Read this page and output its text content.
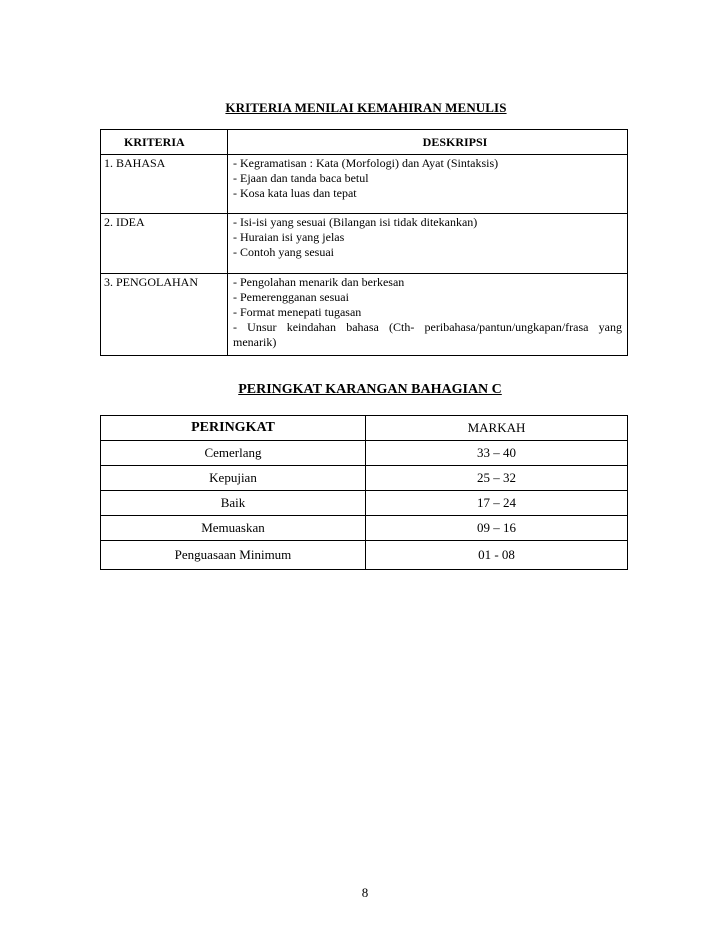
KRITERIA MENILAI KEMAHIRAN MENULIS
KRITERIA	DESKRIPSI
1. BAHASA	- Kegramatisan : Kata (Morfologi) dan Ayat (Sintaksis)
- Ejaan dan tanda baca betul
- Kosa kata luas dan tepat

2. IDEA	- Isi-isi yang sesuai (Bilangan isi tidak ditekankan)
- Huraian isi yang jelas
- Contoh yang sesuai

3. PENGOLAHAN	- Pengolahan menarik dan berkesan
- Pemerengganan sesuai
- Format menepati tugasan
- Unsur keindahan bahasa (Cth- peribahasa/pantun/ungkapan/frasa yang menarik)
PERINGKAT KARANGAN BAHAGIAN C
PERINGKAT	MARKAH
Cemerlang	33 – 40
Kepujian	25 – 32
Baik	17 – 24
Memuaskan	09 – 16
Penguasaan Minimum	01 - 08
8
